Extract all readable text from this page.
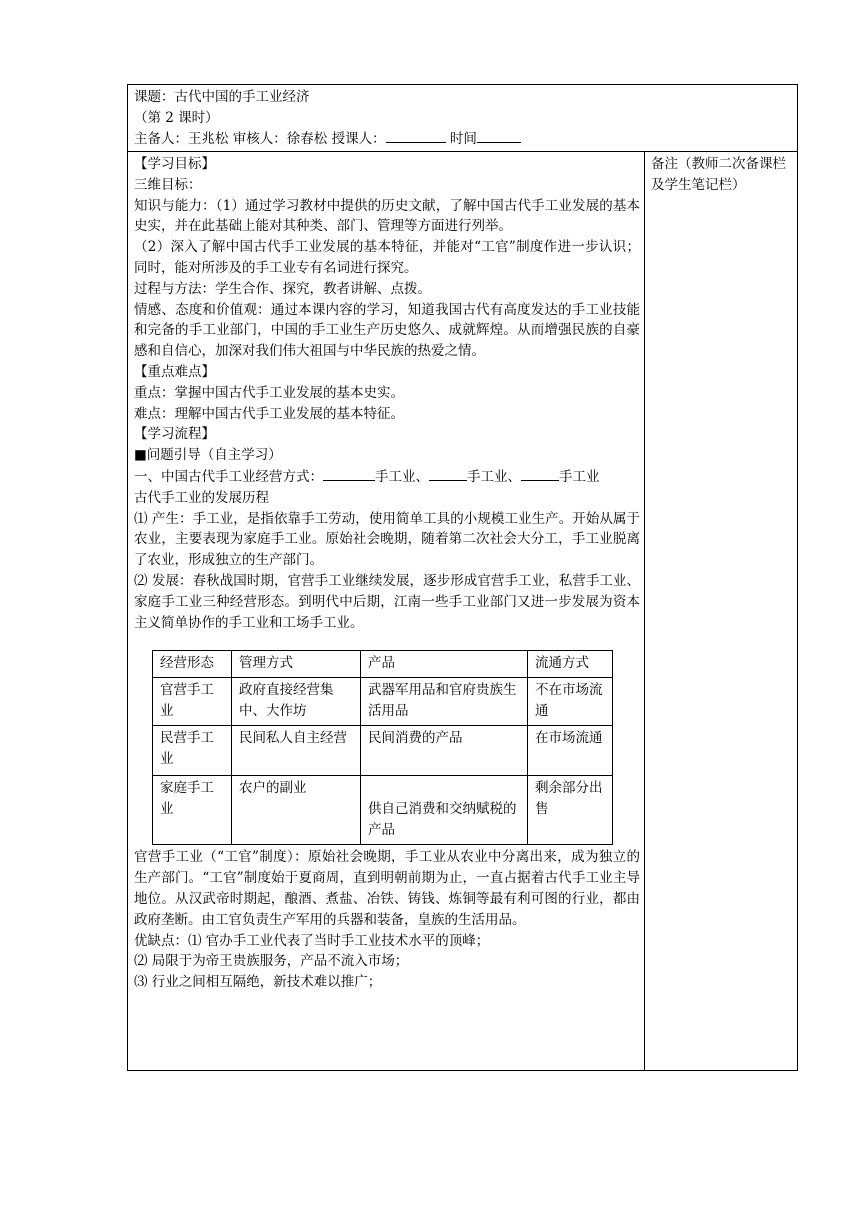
课题：古代中国的手工业经济
（第 2 课时）
主备人：王兆松 审核人：徐春松 授课人：	时间
【学习目标】
三维目标：
知识与能力：（1）通过学习教材中提供的历史文献，了解中国古代手工业发展的基本史实，并在此基础上能对其种类、部门、管理等方面进行列举。
（2）深入了解中国古代手工业发展的基本特征，并能对“工官”制度作进一步认识；同时，能对所涉及的手工业专有名词进行探究。
过程与方法：学生合作、探究，教者讲解、点拨。
情感、态度和价值观：通过本课内容的学习，知道我国古代有高度发达的手工业技能和完备的手工业部门，中国的手工业生产历史悠久、成就辉煌。从而增强民族的自豪感和自信心，加深对我们伟大祖国与中华民族的热爱之情。
【重点难点】
重点：掌握中国古代手工业发展的基本史实。
难点：理解中国古代手工业发展的基本特征。
【学习流程】
■问题引导（自主学习）
一、中国古代手工业经营方式：	手工业、	手工业、	手工业
古代手工业的发展历程
⑴ 产生：手工业，是指依靠手工劳动，使用简单工具的小规模工业生产。开始从属于农业，主要表现为家庭手工业。原始社会晚期，随着第二次社会大分工，手工业脱离了农业，形成独立的生产部门。
⑵ 发展：春秋战国时期，官营手工业继续发展，逐步形成官营手工业，私营手工业、家庭手工业三种经营形态。到明代中后期，江南一些手工业部门又进一步发展为资本主义简单协作的手工业和工场手工业。
经营形态	管理方式	产品	流通方式
官营手工业	政府直接经营集中、大作坊	武器军用品和官府贵族生活用品	不在市场流通
民营手工业	民间私人自主经营	民间消费的产品	在市场流通
家庭手工业	农户的副业	供自己消费和交纳赋税的产品	剩余部分出售
官营手工业（“工官”制度）：原始社会晚期，手工业从农业中分离出来，成为独立的生产部门。“工官”制度始于夏商周，直到明朝前期为止，一直占据着古代手工业主导地位。从汉武帝时期起，酿酒、煮盐、冶铁、铸钱、炼铜等最有利可图的行业，都由政府垄断。由工官负责生产军用的兵器和装备，皇族的生活用品。
优缺点：⑴ 官办手工业代表了当时手工业技术水平的顶峰；
⑵ 局限于为帝王贵族服务，产品不流入市场；
⑶ 行业之间相互隔绝，新技术难以推广；
备注（教师二次备课栏及学生笔记栏）
